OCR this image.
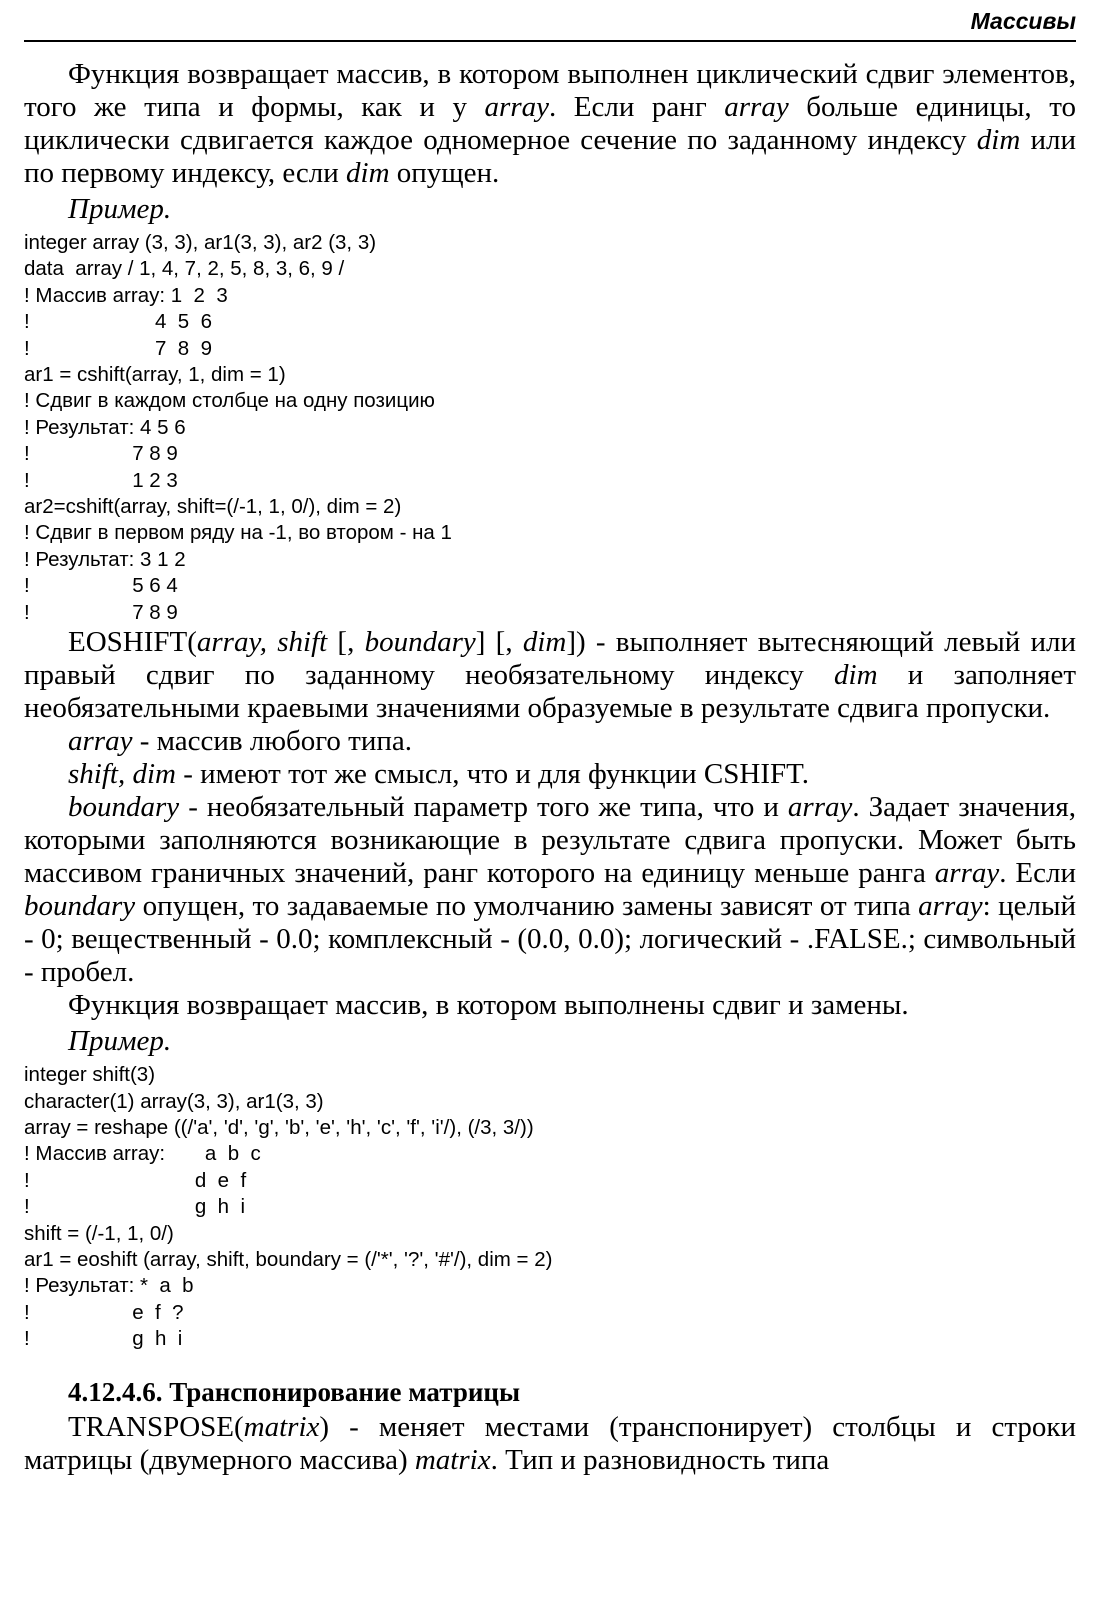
Массивы

Функция возвращает массив, в котором выполнен циклический сдвиг элементов, того же типа и формы, как и у array. Если ранг array больше единицы, то циклически сдвигается каждое одномерное сечение по заданному индексу dim или по первому индексу, если dim опущен.

Пример.
integer array (3, 3), ar1(3, 3), ar2 (3, 3)
data  array / 1, 4, 7, 2, 5, 8, 3, 6, 9 /
! Массив array: 1  2  3
!                      4  5  6
!                      7  8  9
ar1 = cshift(array, 1, dim = 1)
! Сдвиг в каждом столбце на одну позицию
! Результат: 4 5 6
!                  7 8 9
!                  1 2 3
ar2=cshift(array, shift=(/-1, 1, 0/), dim = 2)
! Сдвиг в первом ряду на -1, во втором - на 1
! Результат: 3 1 2
!                  5 6 4
!                  7 8 9

EOSHIFT(array, shift [, boundary] [, dim]) - выполняет вытесняющий левый или правый сдвиг по заданному необязательному индексу dim и заполняет необязательными краевыми значениями образуемые в результате сдвига пропуски.

array - массив любого типа.

shift, dim - имеют тот же смысл, что и для функции CSHIFT.

boundary - необязательный параметр того же типа, что и array. Задает значения, которыми заполняются возникающие в результате сдвига пропуски. Может быть массивом граничных значений, ранг которого на единицу меньше ранга array. Если boundary опущен, то задаваемые по умолчанию замены зависят от типа array: целый - 0; вещественный - 0.0; комплексный - (0.0, 0.0); логический - .FALSE.; символьный - пробел.

Функция возвращает массив, в котором выполнены сдвиг и замены.

Пример.
integer shift(3)
character(1) array(3, 3), ar1(3, 3)
array = reshape ((/'a', 'd', 'g', 'b', 'e', 'h', 'c', 'f', 'i'/), (/3, 3/))
! Массив array:       a  b  c
!                             d  e  f
!                             g  h  i
shift = (/-1, 1, 0/)
ar1 = eoshift (array, shift, boundary = (/'*', '?', '#'/), dim = 2)
! Результат: *  a  b
!                  e  f  ?
!                  g  h  i
4.12.4.6. Транспонирование матрицы

TRANSPOSE(matrix) - меняет местами (транспонирует) столбцы и строки матрицы (двумерного массива) matrix. Тип и разновидность типа
